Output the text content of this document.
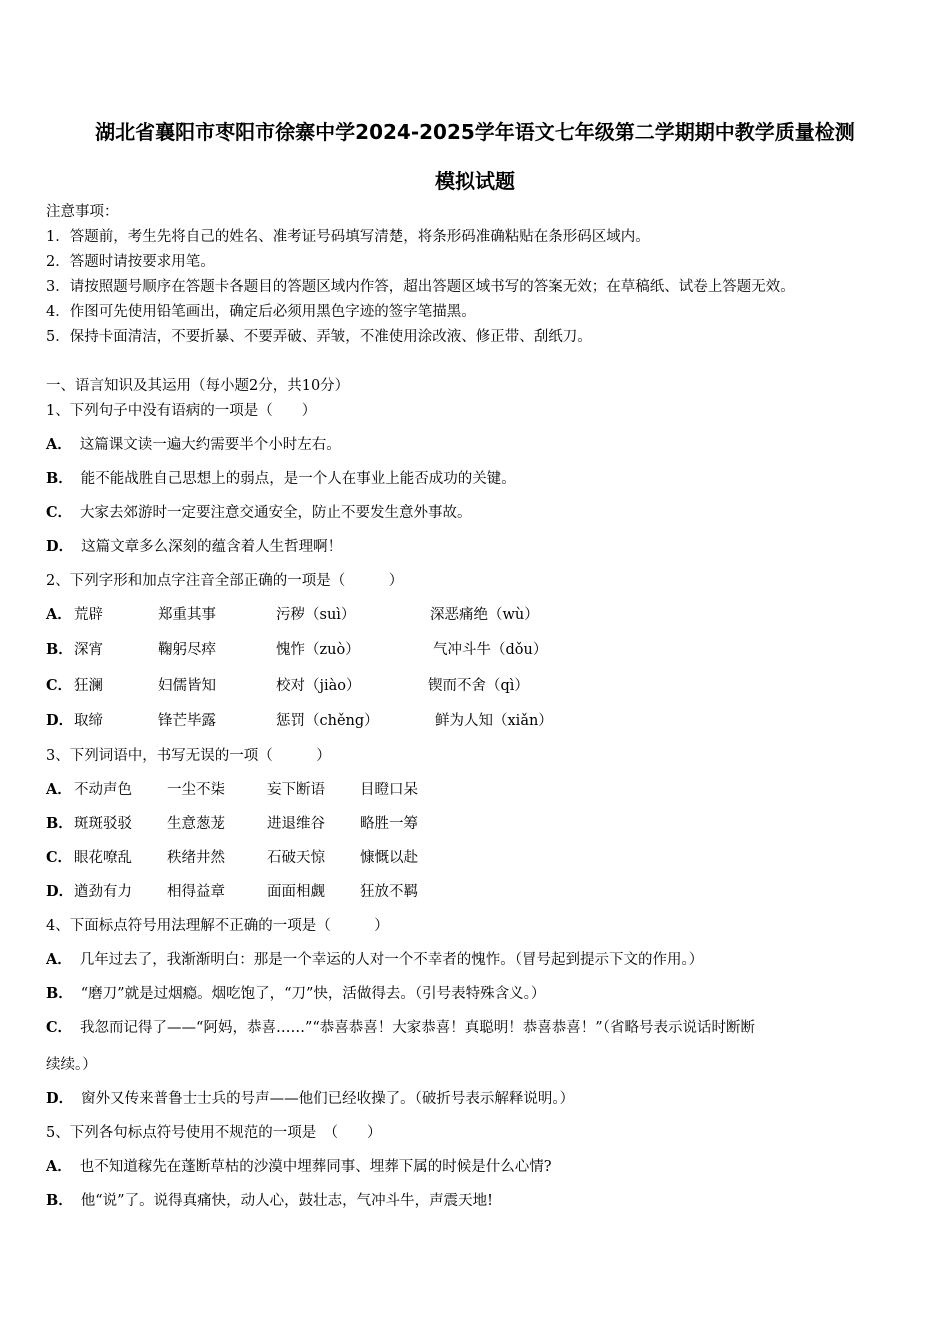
湖北省襄阳市枣阳市徐寨中学2024-2025学年语文七年级第二学期期中教学质量检测
模拟试题
注意事项：
1．答题前，考生先将自己的姓名、准考证号码填写清楚，将条形码准确粘贴在条形码区域内。
2．答题时请按要求用笔。
3．请按照题号顺序在答题卡各题目的答题区域内作答，超出答题区域书写的答案无效；在草稿纸、试卷上答题无效。
4．作图可先使用铅笔画出，确定后必须用黑色字迹的签字笔描黑。
5．保持卡面清洁，不要折暴、不要弄破、弄皱，不准使用涂改液、修正带、刮纸刀。
一、语言知识及其运用（每小题2分，共10分）
1、下列句子中没有语病的一项是（　　）
A． 这篇课文读一遍大约需要半个小时左右。
B． 能不能战胜自己思想上的弱点，是一个人在事业上能否成功的关键。
C． 大家去郊游时一定要注意交通安全，防止不要发生意外事故。
D． 这篇文章多么深刻的蕴含着人生哲理啊！
2、下列字形和加点字注音全部正确的一项是（　　　）
A． 荒辟	郑重其事	污秽（suì）	深恶痛绝（wù）
B． 深宵	鞠躬尽瘁	愧怍（zuò）	气冲斗牛（dǒu）
C． 狂澜	妇儒皆知	校对（jiào）	锲而不舍（qì）
D． 取缔	锋芒毕露	惩罚（chěng）	鲜为人知（xiǎn）
3、下列词语中，书写无误的一项（　　　）
A． 不动声色 一尘不柒	妄下断语 目瞪口呆
B． 斑斑驳驳 生意葱茏	进退维谷 略胜一筹
C． 眼花嘹乱 秩绪井然	石破天惊 慷慨以赴
D． 遒劲有力 相得益章	面面相觑 狂放不羁
4、下面标点符号用法理解不正确的一项是（　　　）
A． 几年过去了，我渐渐明白：那是一个幸运的人对一个不幸者的愧怍。（冒号起到提示下文的作用。）
B． “磨刀”就是过烟瘾。烟吃饱了，“刀”快，活做得去。（引号表特殊含义。）
C． 我忽而记得了——“阿妈，恭喜……”“恭喜恭喜！大家恭喜！真聪明！恭喜恭喜！”（省略号表示说话时断断
续续。）
D． 窗外又传来普鲁士士兵的号声——他们已经收操了。（破折号表示解释说明。）
5、下列各句标点符号使用不规范的一项是　（　　）
A． 也不知道稼先在蓬断草枯的沙漠中埋葬同事、埋葬下属的时候是什么心情?
B． 他“说”了。说得真痛快，动人心，鼓壮志，气冲斗牛，声震天地!
